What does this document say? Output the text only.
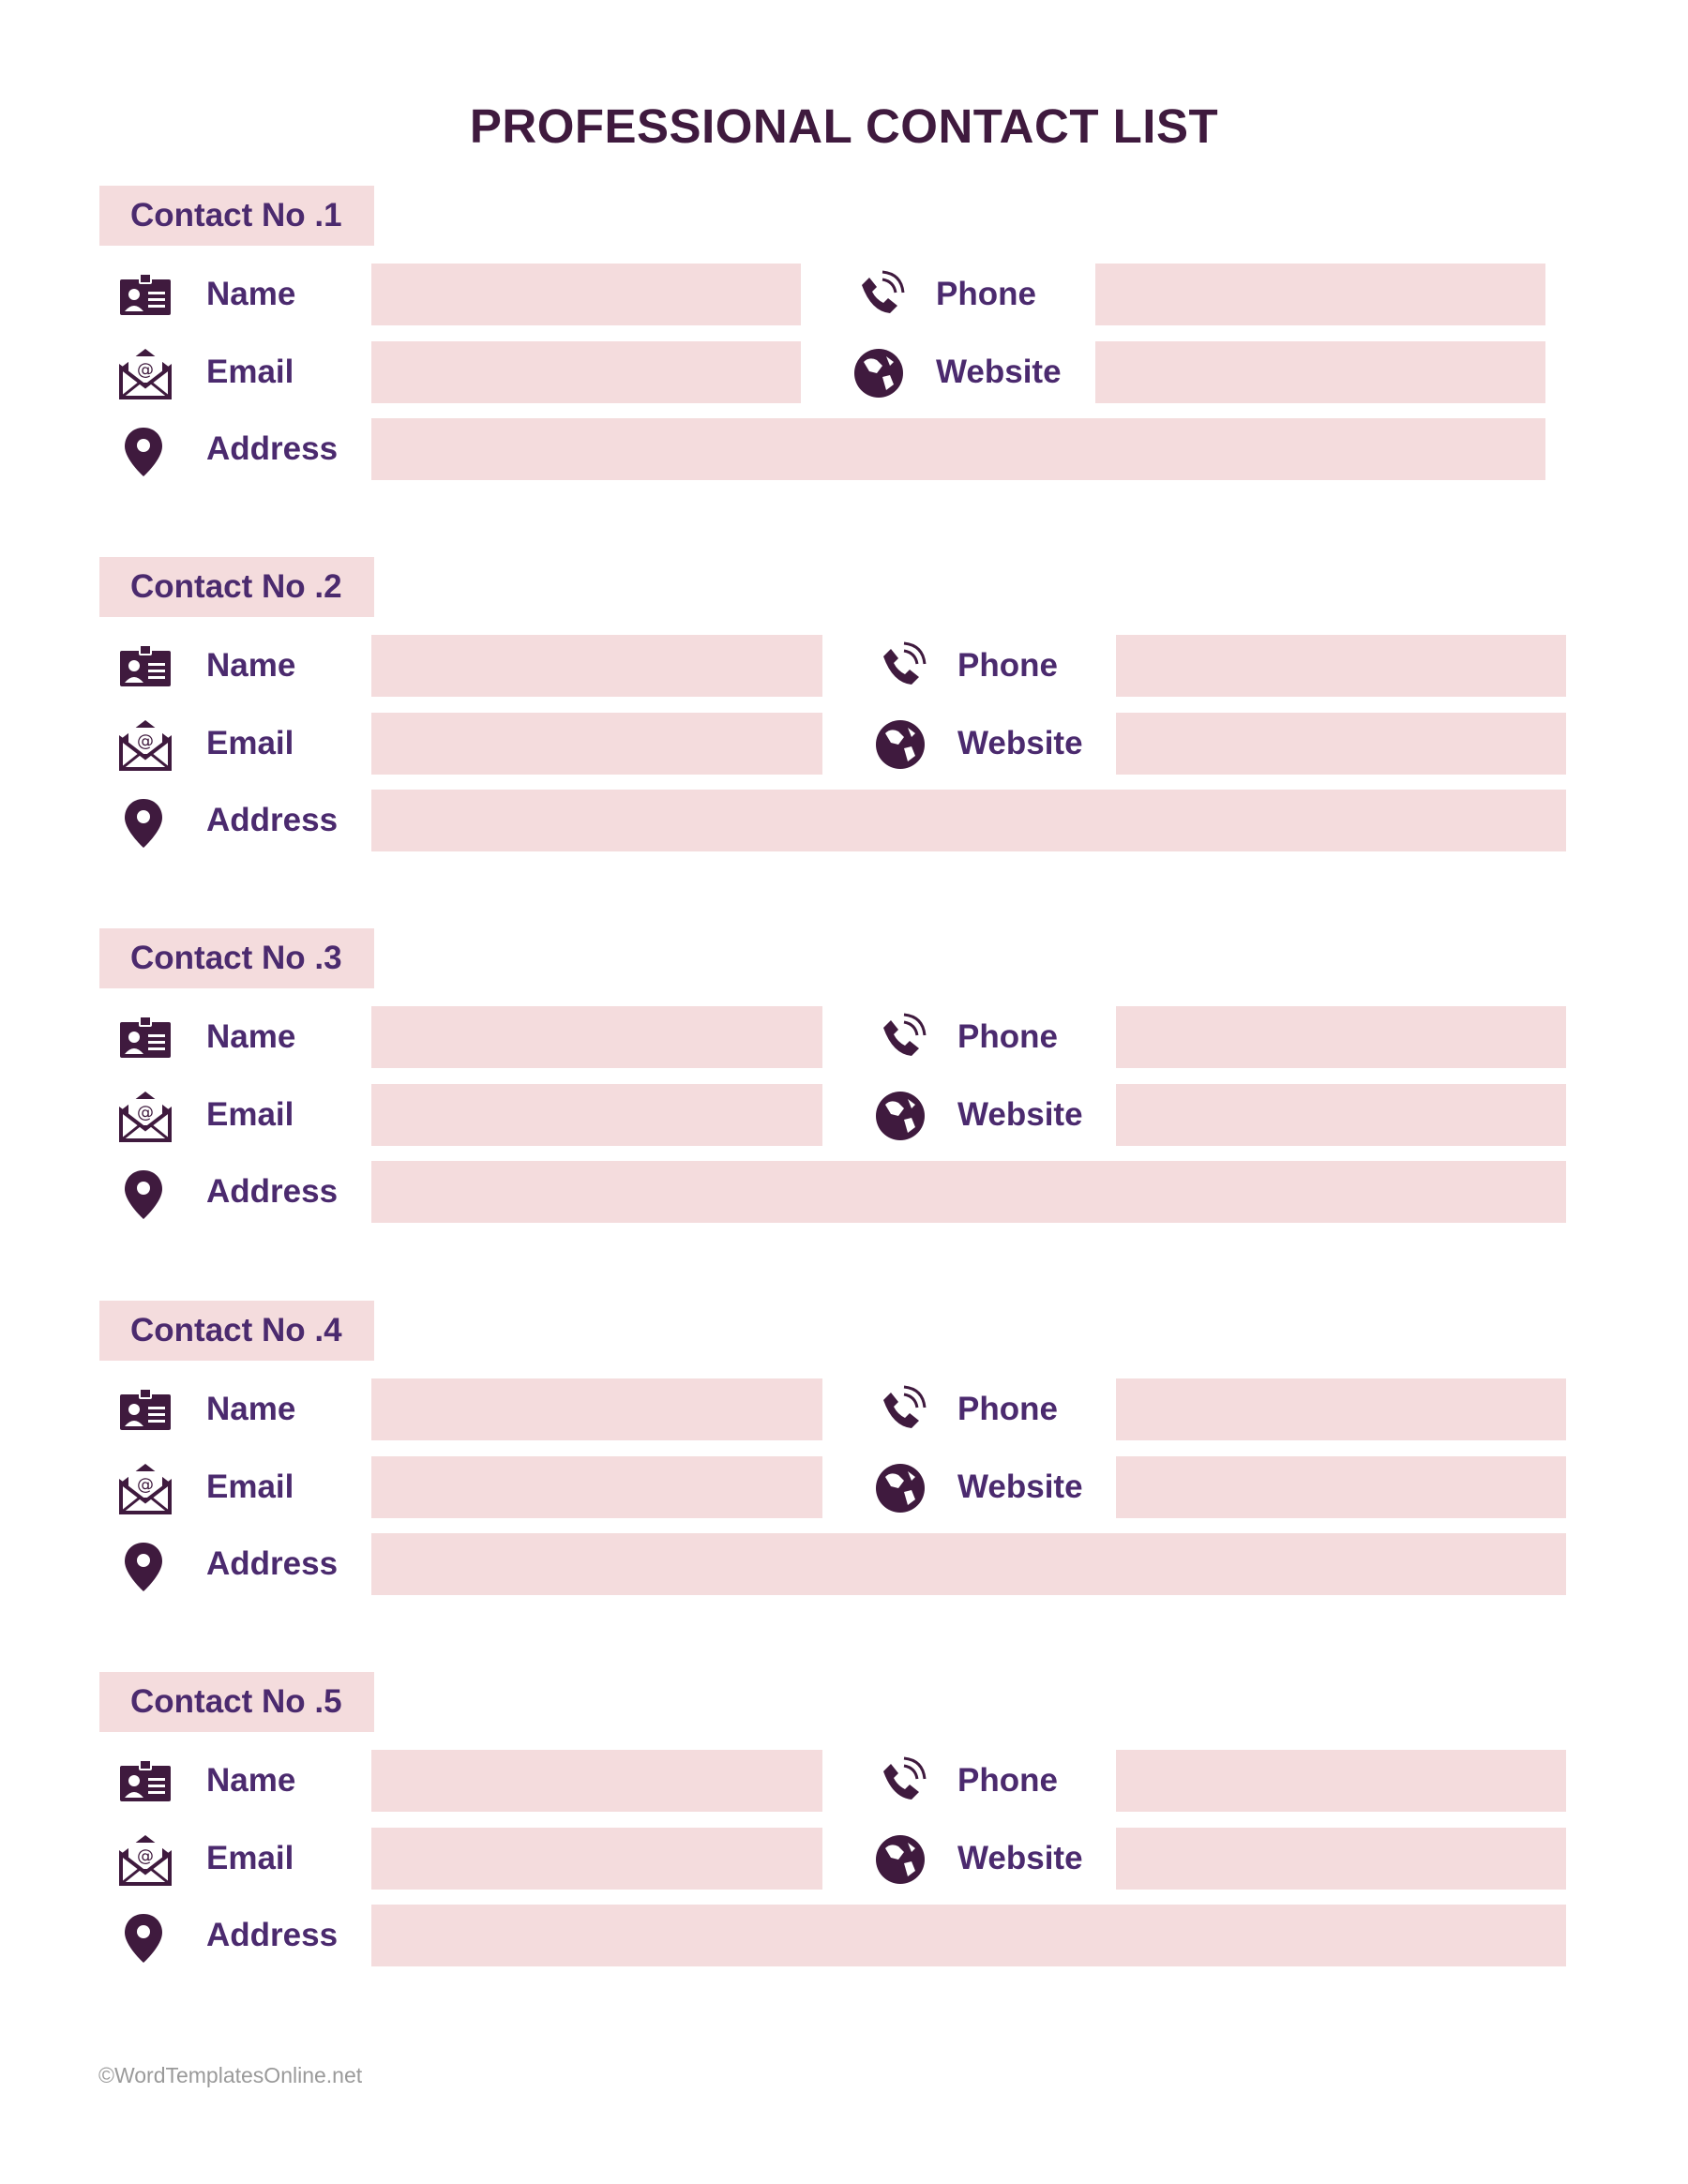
PROFESSIONAL CONTACT LIST
Contact No .1
Name	Phone
@ Email	Website
Address
Contact No .2
Name	Phone
@ Email	Website
Address
Contact No .3
Name	Phone
@ Email	Website
Address
Contact No .4
Name	Phone
@ Email	Website
Address
Contact No .5
Name	Phone
@ Email	Website
Address
©WordTemplatesOnline.net
